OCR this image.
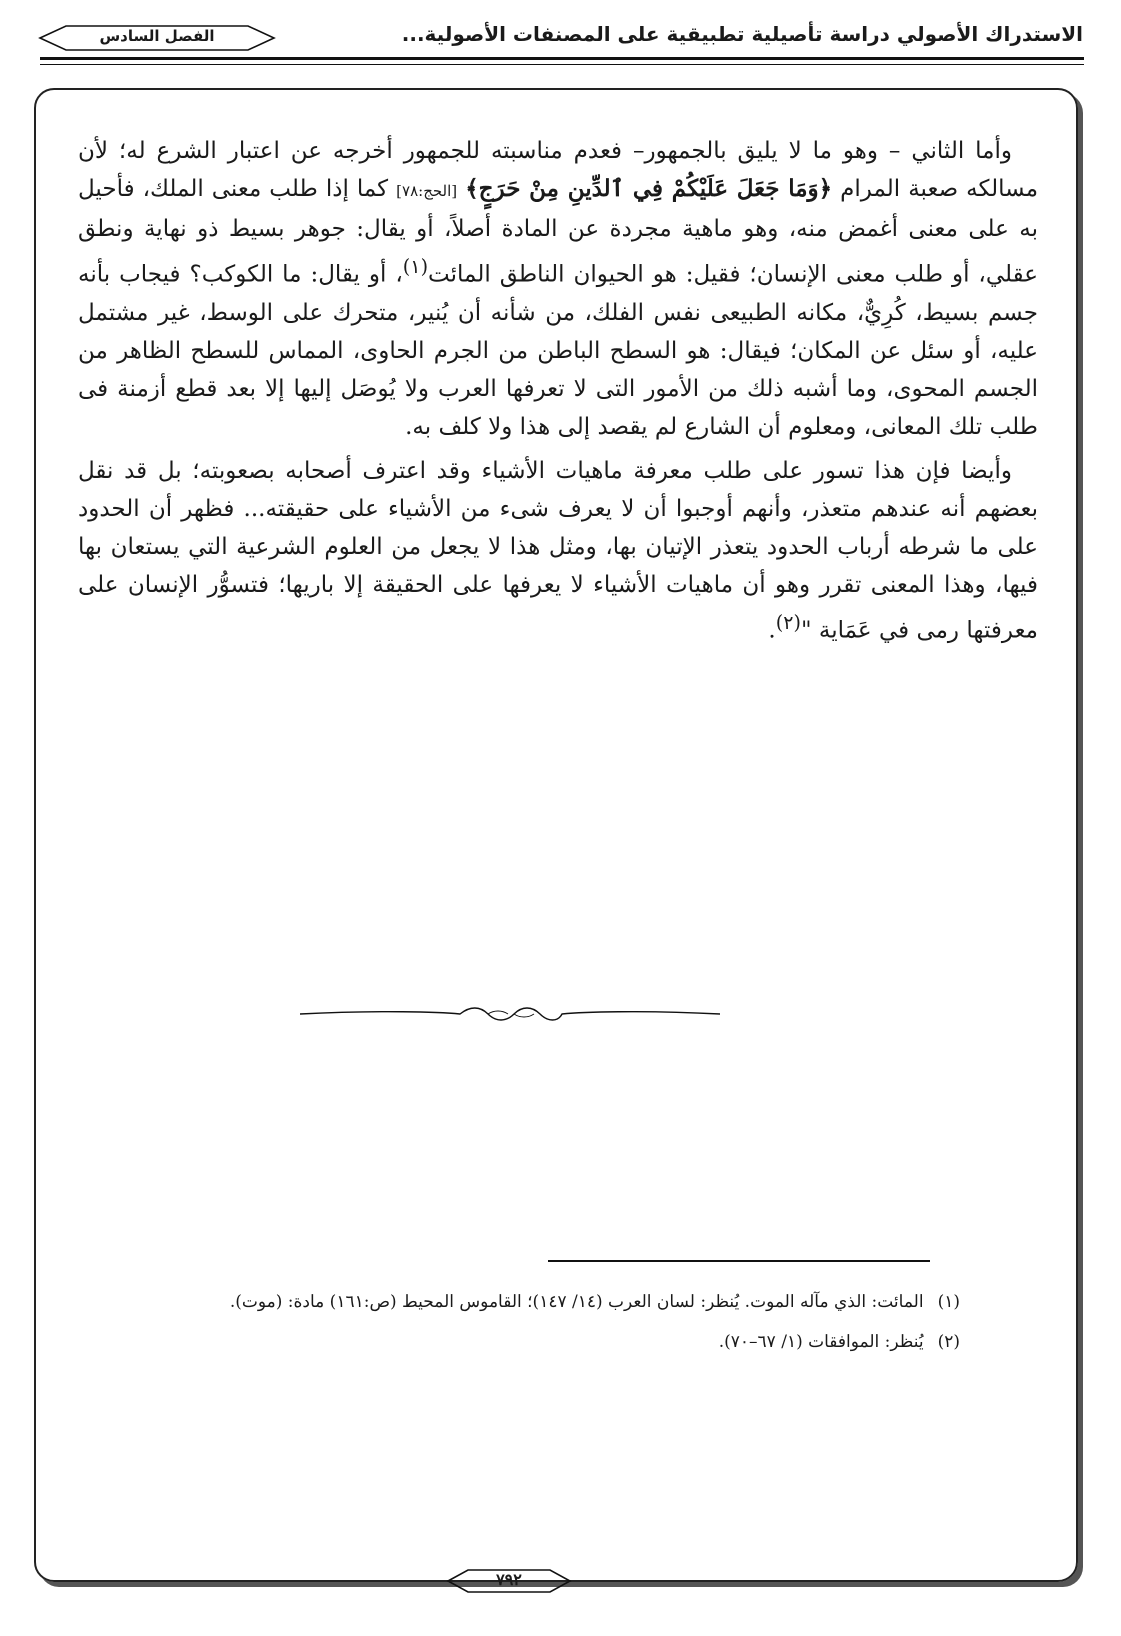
الاستدراك الأصولي دراسة تأصيلية تطبيقية على المصنفات الأصولية...
الفصل السادس

وأما الثاني – وهو ما لا يليق بالجمهور– فعدم مناسبته للجمهور أخرجه عن اعتبار الشرع له؛ لأن مسالكه صعبة المرام ﴿وَمَا جَعَلَ عَلَيْكُمْ فِي ٱلدِّينِ مِنْ حَرَجٍ﴾ [الحج:٧٨] كما إذا طلب معنى الملك، فأحيل به على معنى أغمض منه، وهو ماهية مجردة عن المادة أصلاً، أو يقال: جوهر بسيط ذو نهاية ونطق عقلي، أو طلب معنى الإنسان؛ فقيل: هو الحيوان الناطق المائت$^{(١)}$، أو يقال: ما الكوكب؟ فيجاب بأنه جسم بسيط، كُرِيٌّ، مكانه الطبيعى نفس الفلك، من شأنه أن يُنير، متحرك على الوسط، غير مشتمل عليه، أو سئل عن المكان؛ فيقال: هو السطح الباطن من الجرم الحاوى، المماس للسطح الظاهر من الجسم المحوى، وما أشبه ذلك من الأمور التى لا تعرفها العرب ولا يُوصَل إليها إلا بعد قطع أزمنة فى طلب تلك المعانى، ومعلوم أن الشارع لم يقصد إلى هذا ولا كلف به.

وأيضا فإن هذا تسور على طلب معرفة ماهيات الأشياء وقد اعترف أصحابه بصعوبته؛ بل قد نقل بعضهم أنه عندهم متعذر، وأنهم أوجبوا أن لا يعرف شىء من الأشياء على حقيقته... فظهر أن الحدود على ما شرطه أرباب الحدود يتعذر الإتيان بها، ومثل هذا لا يجعل من العلوم الشرعية التي يستعان بها فيها، وهذا المعنى تقرر وهو أن ماهيات الأشياء لا يعرفها على الحقيقة إلا باريها؛ فتسوُّر الإنسان على معرفتها رمى في عَمَاية "$^{(٢)}$.

(١)المائت: الذي مآله الموت. يُنظر: لسان العرب (١٤/ ١٤٧)؛ القاموس المحيط (ص:١٦١) مادة: (موت).

(٢)يُنظر: الموافقات (١/ ٦٧–٧٠).

٧٩٢
